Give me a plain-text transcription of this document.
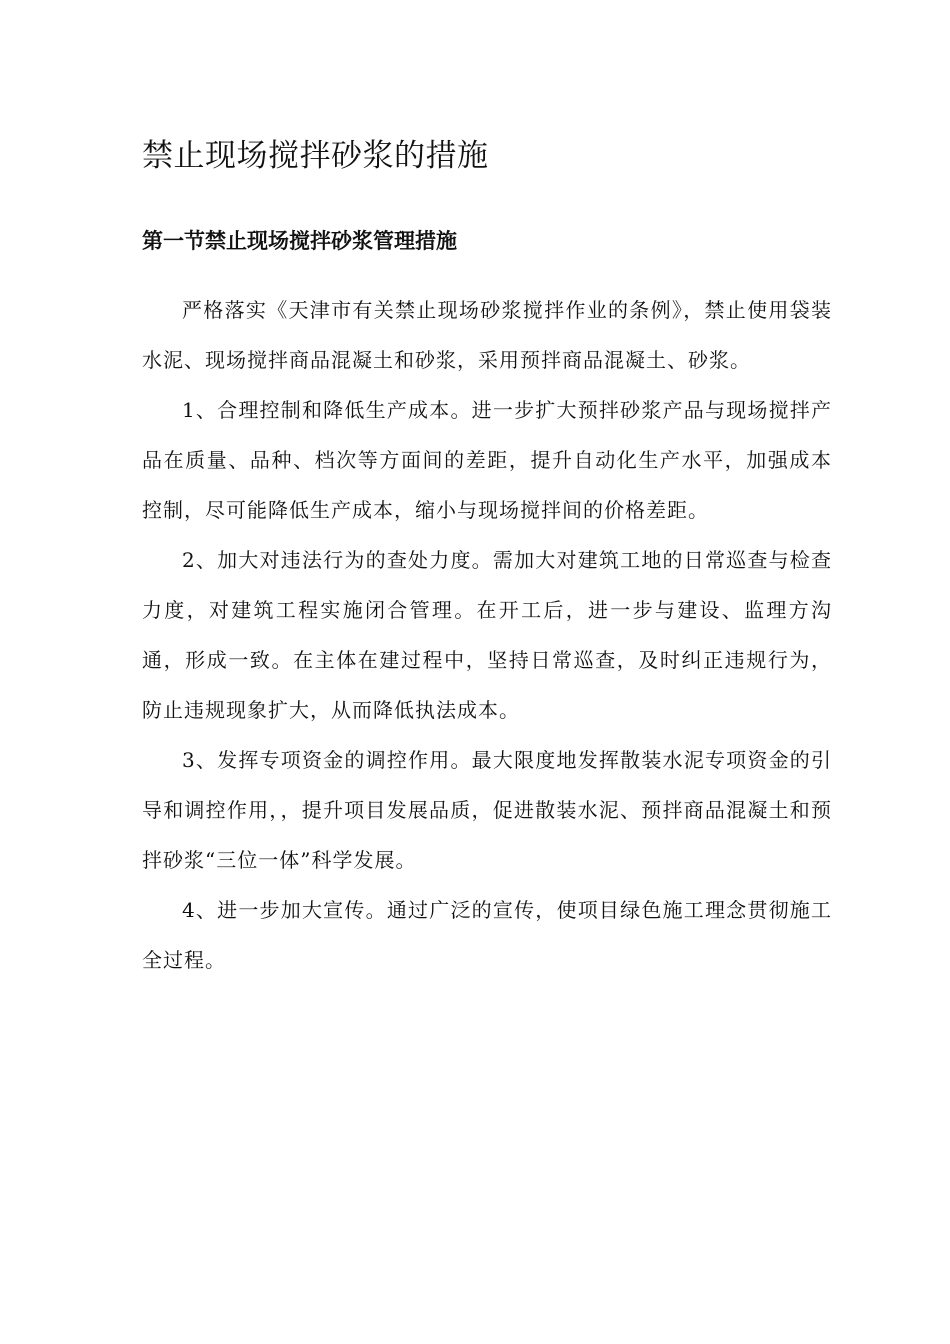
禁止现场搅拌砂浆的措施
第一节禁止现场搅拌砂浆管理措施

严格落实《天津市有关禁止现场砂浆搅拌作业的条例》，禁止使用袋装水泥、现场搅拌商品混凝土和砂浆，采用预拌商品混凝土、砂浆。

1、合理控制和降低生产成本。进一步扩大预拌砂浆产品与现场搅拌产品在质量、品种、档次等方面间的差距，提升自动化生产水平，加强成本控制，尽可能降低生产成本，缩小与现场搅拌间的价格差距。

2、加大对违法行为的查处力度。需加大对建筑工地的日常巡查与检查力度，对建筑工程实施闭合管理。在开工后，进一步与建设、监理方沟通，形成一致。在主体在建过程中，坚持日常巡查，及时纠正违规行为，防止违规现象扩大，从而降低执法成本。

3、发挥专项资金的调控作用。最大限度地发挥散装水泥专项资金的引导和调控作用，，提升项目发展品质，促进散装水泥、预拌商品混凝土和预拌砂浆“三位一体”科学发展。

4、进一步加大宣传。通过广泛的宣传，使项目绿色施工理念贯彻施工全过程。
